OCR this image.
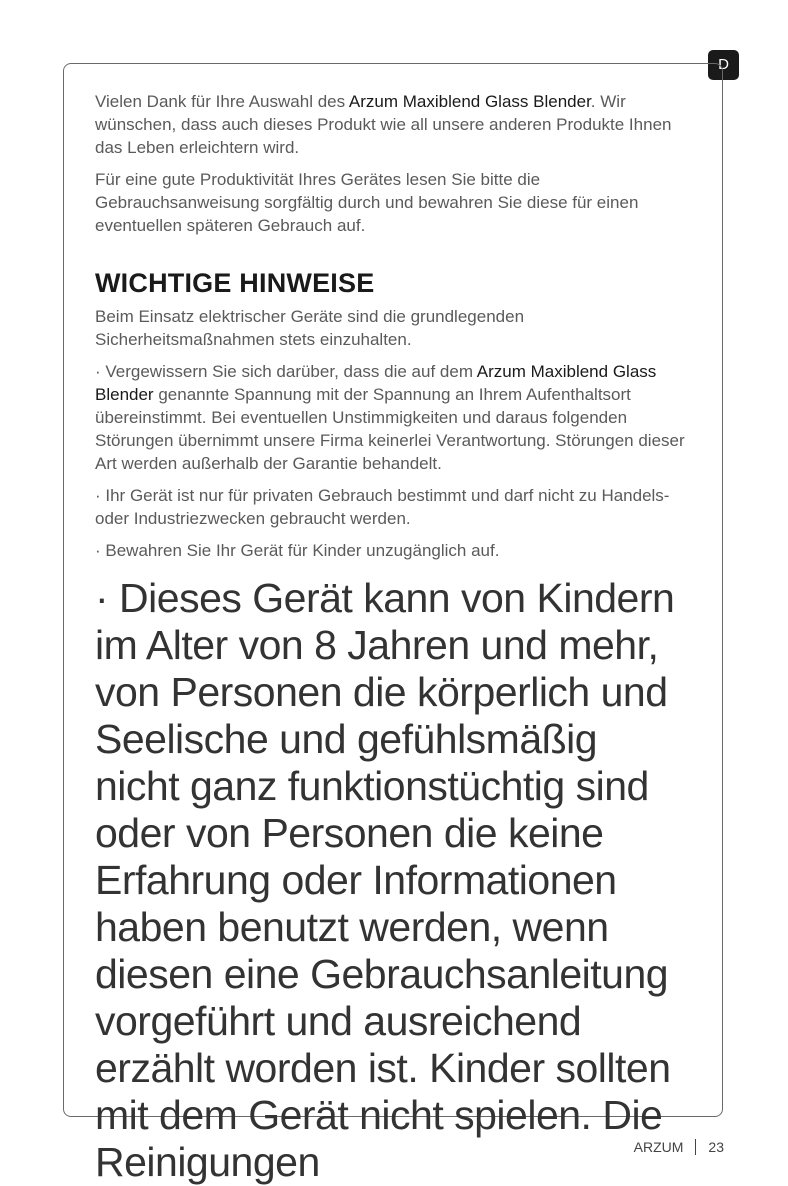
D

Vielen Dank für Ihre Auswahl des Arzum Maxiblend Glass Blender. Wir wünschen, dass auch dieses Produkt wie all unsere anderen Produkte Ihnen das Leben erleichtern wird.

Für eine gute Produktivität Ihres Gerätes lesen Sie bitte die Gebrauchsanweisung sorgfältig durch und bewahren Sie diese für einen eventuellen späteren Gebrauch auf.

WICHTIGE HINWEISE

Beim Einsatz elektrischer Geräte sind die grundlegenden Sicherheitsmaßnahmen stets einzuhalten.

· Vergewissern Sie sich darüber, dass die auf dem Arzum Maxiblend Glass Blender genannte Spannung mit der Spannung an Ihrem Aufenthaltsort übereinstimmt. Bei eventuellen Unstimmigkeiten und daraus folgenden Störungen übernimmt unsere Firma keinerlei Verantwortung. Störungen dieser Art werden außerhalb der Garantie behandelt.

· Ihr Gerät ist nur für privaten Gebrauch bestimmt und darf nicht zu Handels- oder Industriezwecken gebraucht werden.

· Bewahren Sie Ihr Gerät für Kinder unzugänglich auf.

· Dieses Gerät kann von Kindern im Alter von 8 Jahren und mehr, von Personen die körperlich und Seelische und gefühlsmäßig nicht ganz funktionstüchtig sind oder von Personen die keine Erfahrung oder Informationen haben benutzt werden, wenn diesen eine Gebrauchsanleitung vorgeführt und ausreichend erzählt worden ist. Kinder sollten mit dem Gerät nicht spielen. Die Reinigungen	ARZUM 23
